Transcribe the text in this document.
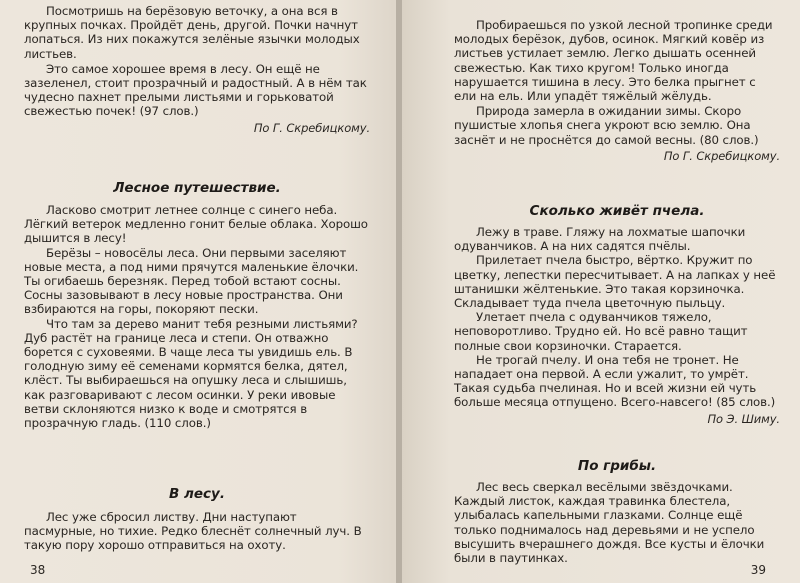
Посмотришь на берёзовую веточку, а она вся в крупных почках. Пройдёт день, другой. Почки начнут лопаться. Из них покажутся зелёные язычки молодых листьев.

Это самое хорошее время в лесу. Он ещё не зазеленел, стоит прозрачный и радостный. А в нём так чудесно пахнет прелыми листьями и горьковатой свежестью почек! (97 слов.)

По Г. Скребицкому.

Лесное путешествие.

Ласково смотрит летнее солнце с синего неба. Лёгкий ветерок медленно гонит белые облака. Хорошо дышится в лесу!

Берёзы – новосёлы леса. Они первыми заселяют новые места, а под ними прячутся маленькие ёлочки. Ты огибаешь березняк. Перед тобой встают сосны. Сосны зазовывают в лесу новые пространства. Они взбираются на горы, покоряют пески.

Что там за дерево манит тебя резными листьями? Дуб растёт на границе леса и степи. Он отважно борется с суховеями. В чаще леса ты увидишь ель. В голодную зиму её семенами кормятся белка, дятел, клёст. Ты выбираешься на опушку леса и слышишь, как разговаривают с лесом осинки. У реки ивовые ветви склоняются низко к воде и смотрятся в прозрачную гладь. (110 слов.)

В лесу.

Лес уже сбросил листву. Дни наступают пасмурные, но тихие. Редко блеснёт солнечный луч. В такую пору хорошо отправиться на охоту.

38

Пробираешься по узкой лесной тропинке среди молодых берёзок, дубов, осинок. Мягкий ковёр из листьев устилает землю. Легко дышать осенней свежестью. Как тихо кругом! Только иногда нарушается тишина в лесу. Это белка прыгнет с ели на ель. Или упадёт тяжёлый жёлудь.

Природа замерла в ожидании зимы. Скоро пушистые хлопья снега укроют всю землю. Она заснёт и не проснётся до самой весны. (80 слов.)

По Г. Скребицкому.

Сколько живёт пчела.

Лежу в траве. Гляжу на лохматые шапочки одуванчиков. А на них садятся пчёлы.

Прилетает пчела быстро, вёртко. Кружит по цветку, лепестки пересчитывает. А на лапках у неё штанишки жёлтенькие. Это такая корзиночка. Складывает туда пчела цветочную пыльцу.

Улетает пчела с одуванчиков тяжело, неповоротливо. Трудно ей. Но всё равно тащит полные свои корзиночки. Старается.

Не трогай пчелу. И она тебя не тронет. Не нападает она первой. А если ужалит, то умрёт. Такая судьба пчелиная. Но и всей жизни ей чуть больше месяца отпущено. Всего-навсего! (85 слов.)

По Э. Шиму.

По грибы.

Лес весь сверкал весёлыми звёздочками. Каждый листок, каждая травинка блестела, улыбалась капельными глазками. Солнце ещё только поднималось над деревьями и не успело высушить вчерашнего дождя. Все кусты и ёлочки были в паутинках.

39
